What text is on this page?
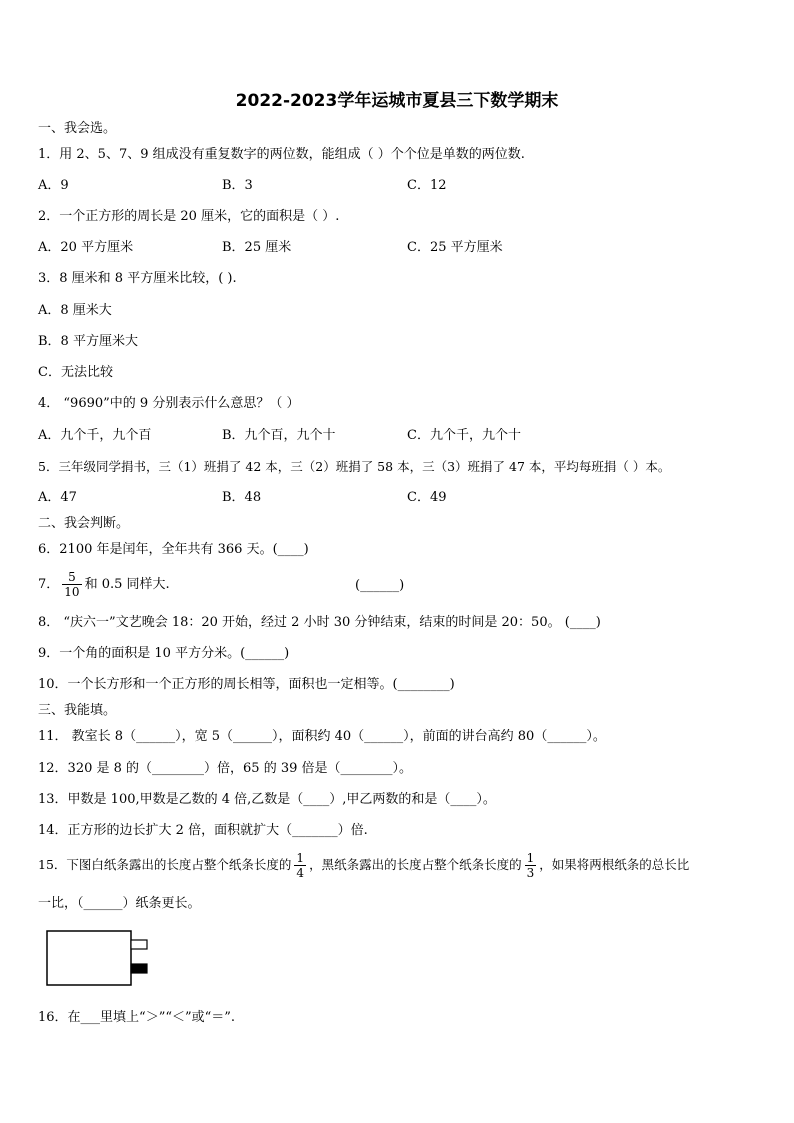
2022-2023学年运城市夏县三下数学期末
一、我会选。
1．用 2、5、7、9 组成没有重复数字的两位数，能组成（ ）个个位是单数的两位数.
A．9	B．3	C．12
2．一个正方形的周长是 20 厘米，它的面积是（ ）.
A．20 平方厘米	B．25 厘米	C．25 平方厘米
3．8 厘米和 8 平方厘米比较，( ).
A．8 厘米大
B．8 平方厘米大
C．无法比较
4． “9690”中的 9 分别表示什么意思？（ ）
A．九个千，九个百	B．九个百，九个十	C．九个千，九个十
5．三年级同学捐书，三（1）班捐了 42 本，三（2）班捐了 58 本，三（3）班捐了 47 本，平均每班捐（ ）本。
A．47	B．48	C．49
二、我会判断。
6．2100 年是闰年，全年共有 366 天。(____)
7． $\frac{5}{10}$ 和 0.5 同样大.	(______)
8． “庆六一”文艺晚会 18：20 开始，经过 2 小时 30 分钟结束，结束的时间是 20：50。 (____)
9．一个角的面积是 10 平方分米。(______)
10．一个长方形和一个正方形的周长相等，面积也一定相等。(________)
三、我能填。
11． 教室长 8（______），宽 5（______），面积约 40（______），前面的讲台高约 80（______）。
12．320 是 8 的（________）倍，65 的 39 倍是（________）。
13．甲数是 100,甲数是乙数的 4 倍,乙数是（____）,甲乙两数的和是（____）。
14．正方形的边长扩大 2 倍，面积就扩大（_______）倍.
15．下图白纸条露出的长度占整个纸条长度的 $\frac{1}{4}$ ，黑纸条露出的长度占整个纸条长度的 $\frac{1}{3}$ ，如果将两根纸条的总长比
一比，（______）纸条更长。
16．在___里填上“＞”“＜”或“＝”.
